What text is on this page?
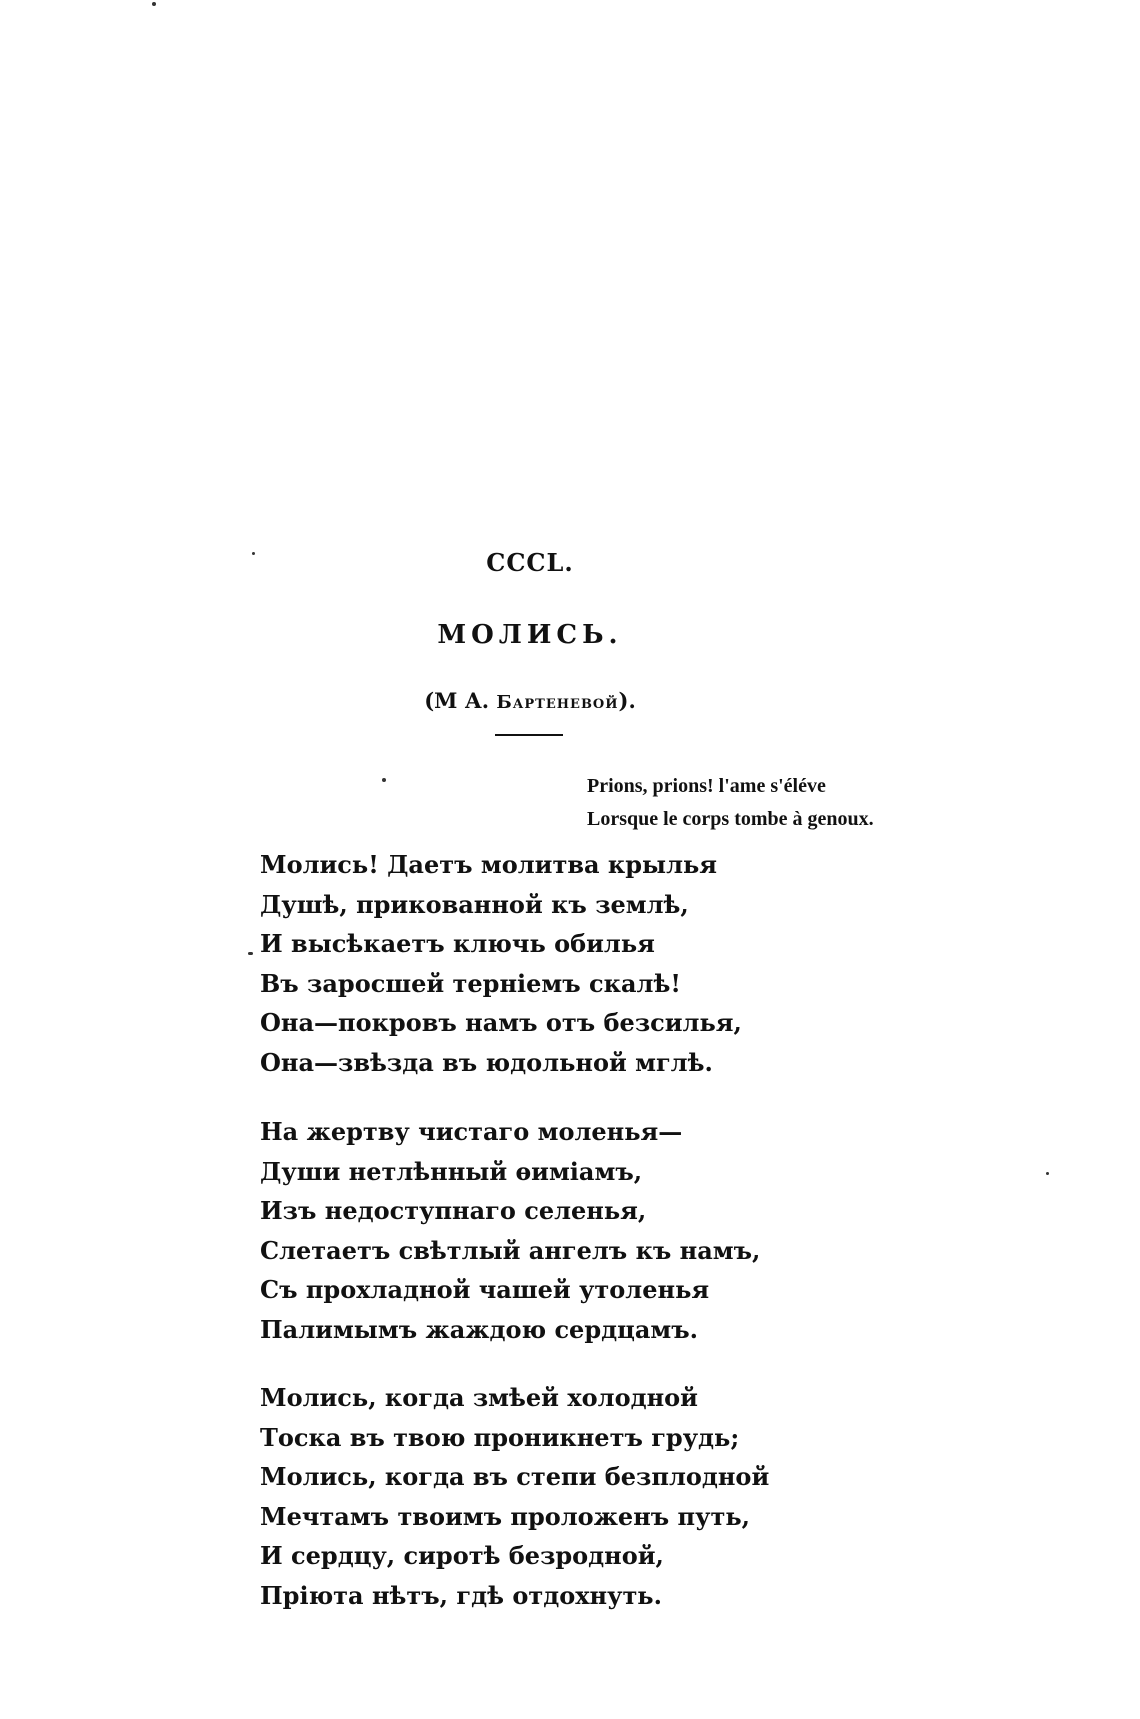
СССL.
МОЛИСЬ.
(М А. Бартеневой).
Prions, prions! l'ame s'éléve
Lorsque le corps tombe à genoux.
Молись! Даетъ молитва крылья
Душѣ, прикованной къ землѣ,
И высѣкаетъ ключь обилья
Въ заросшей терніемъ скалѣ!
Она—покровъ намъ отъ безсилья,
Она—звѣзда въ юдольной мглѣ.
На жертву чистаго моленья—
Души нетлѣнный ѳиміамъ,
Изъ недоступнаго селенья,
Слетаетъ свѣтлый ангелъ къ намъ,
Съ прохладной чашей утоленья
Палимымъ жаждою сердцамъ.
Молись, когда змѣей холодной
Тоска въ твою проникнетъ грудь;
Молись, когда въ степи безплодной
Мечтамъ твоимъ проложенъ путь,
И сердцу, сиротѣ безродной,
Пріюта нѣтъ, гдѣ отдохнуть.
